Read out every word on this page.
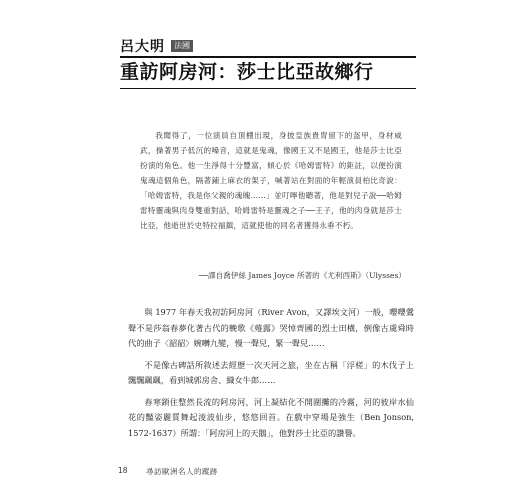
呂大明	法國
重訪阿房河：莎士比亞故鄉行

我聞得了，一位演員自頂棚出現，身披皇族貴胄留下的盔甲，身材威武，操著男子低沉的嗓音，這就是鬼魂，像國王又不是國王，他是莎士比亞扮演的角色。他一生淨得十分豐富，傾心於《哈姆雷特》的鉅註，以便扮演鬼魂這個角色，隔著鋪上麻衣的架子，喊著站在對面的年輕演員柏比奇說：「哈姆雷特，我是你父親的魂魄……」並叮嚀他聽著，他是對兒子說──哈姆雷特靈魂與肉身雙重對話，哈姆雷特是靈魂之子──王子，他的肉身就是莎士比亞，他逝世於史特拉福鎮，這就使他的同名者獲得永垂不朽。

──譯自喬伊絲 James Joyce 所著的《尤利西斯》（Ulysses）

與 1977 年春天我初訪阿房河（River Avon，又譯埃文河）一般，嚶嚶鶯聲不是莎翁春夢化著古代的輓歌《薤露》哭悼齊國的烈士田橫，倒像古虞舜時代的曲子〈韶韶〉婉囀九變，慢一聲兒，緊一聲兒……

不是像古碑話所敘述去經歷一次天河之旅，坐在古稱「浮槎」的木伐子上飄飄颻颻，看到城郭房舍、織女牛郎……

春寒鎖住整然長流的阿房河，河上凝結化不開圍攤的冷霧，河的彼岸水仙花的豔姿麗質舞起淩波仙步，悠悠回首。在戲中穿場是強生（Ben Jonson, 1572-1637）所謂：「阿房河上的天鵝」，他對莎士比亞的讚譽。

18	尋訪歐洲名人的蹤跡
